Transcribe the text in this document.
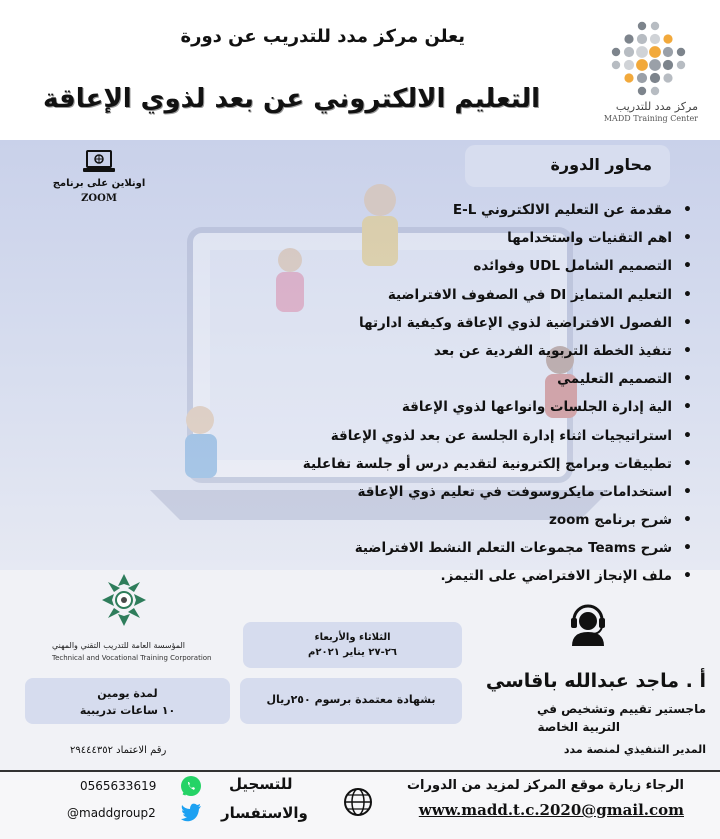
مركز مدد للتدريب
MADD Training Center
يعلن مركز مدد للتدريب عن دورة
التعليم الالكتروني عن بعد لذوي الإعاقة
اونلاين على برنامج
ZOOM
محاور الدورة
• مقدمة عن التعليم الالكتروني E-L
• اهم التقنيات واستخدامها
• التصميم الشامل UDL وفوائده
• التعليم المتمايز DI في الصفوف الافتراضية
• الفصول الافتراضية لذوي الإعاقة وكيفية ادارتها
• تنفيذ الخطة التربوية الفردية عن بعد
• التصميم التعليمي
• الية إدارة الجلسات وانواعها لذوي الإعاقة
• استراتيجيات اثناء إدارة الجلسة عن بعد لذوي الإعاقة
• تطبيقات وبرامج إلكترونية لتقديم درس أو جلسة تفاعلية
• استخدامات مايكروسوفت في تعليم ذوي الإعاقة
• شرح برنامج zoom
• شرح Teams مجموعات التعلم النشط الافتراضية
• ملف الإنجاز الافتراضي على التيمز.
المؤسسة العامة للتدريب التقني والمهني
Technical and Vocational Training Corporation
الثلاثاء والأربعاء
٢٦-٢٧ يناير ٢٠٢١م
بشهادة معتمدة برسوم ٢٥٠ريال
لمدة يومين
١٠ ساعات تدريبية
رقم الاعتماد ٢٩٤٤٤٣٥٢
أ . ماجد عبدالله باقاسي
ماجستير تقييم وتشخيص في
التربية الخاصة
المدير التنفيذي لمنصة مدد
الرجاء زيارة موقع المركز لمزيد من الدورات
www.madd.t.c.2020@gmail.com
للتسجيل
والاستفسار
0565633619
@maddgroup2
